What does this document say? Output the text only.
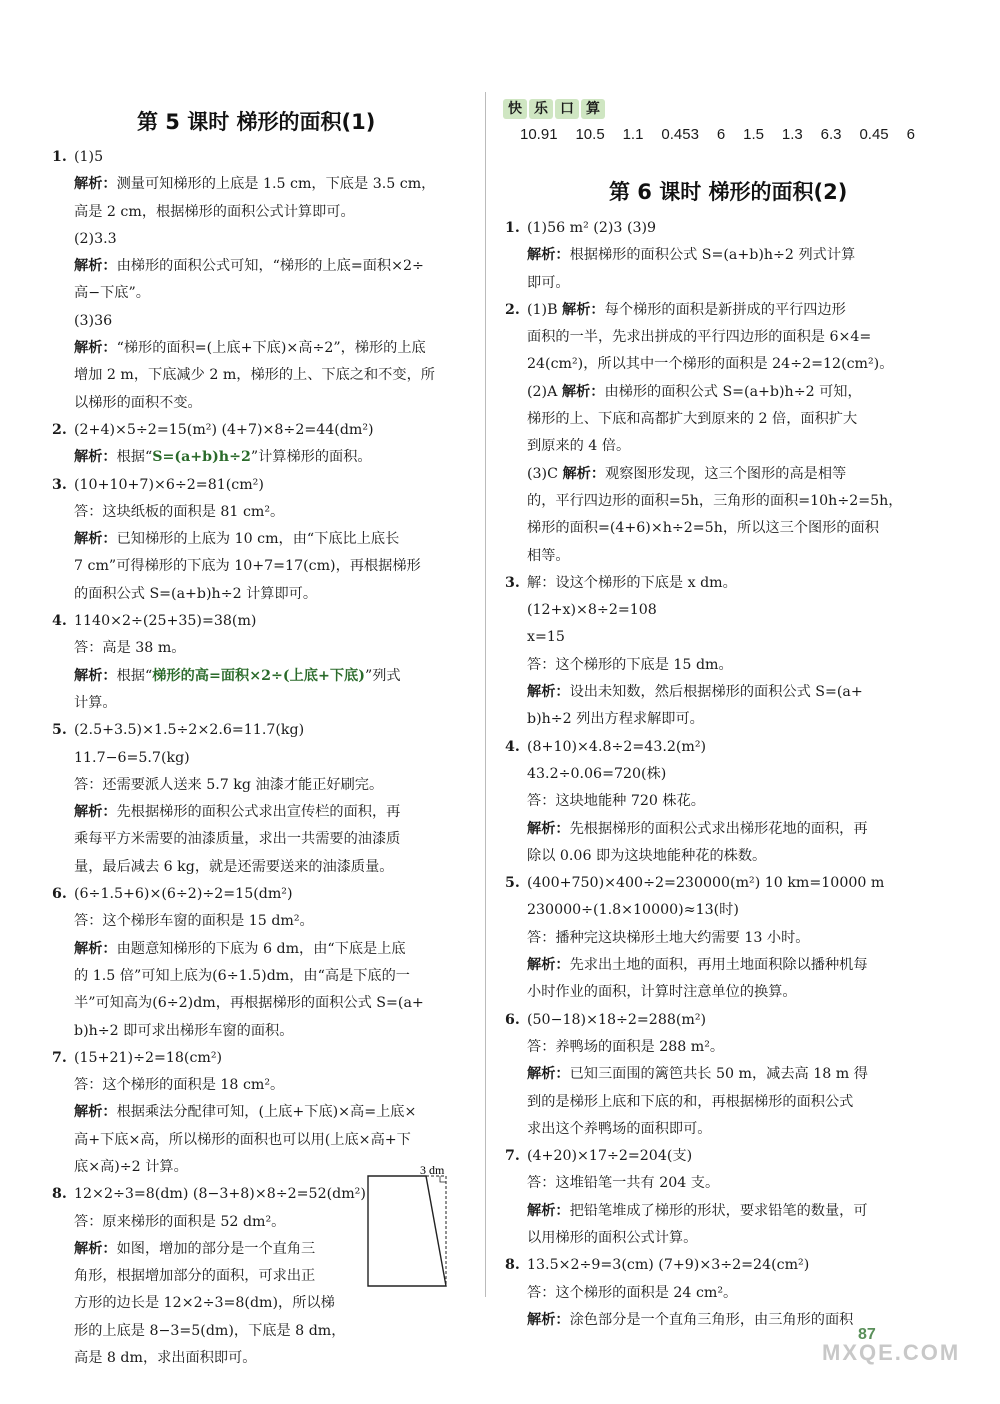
第 5 课时 梯形的面积(1)
1. (1)5
解析：测量可知梯形的上底是 1.5 cm，下底是 3.5 cm，
高是 2 cm，根据梯形的面积公式计算即可。
(2)3.3
解析：由梯形的面积公式可知，“梯形的上底=面积×2÷
高−下底”。
(3)36
解析：“梯形的面积=(上底+下底)×高÷2”，梯形的上底
增加 2 m，下底减少 2 m，梯形的上、下底之和不变，所
以梯形的面积不变。
2. (2+4)×5÷2=15(m²) (4+7)×8÷2=44(dm²)
解析：根据“S=(a+b)h÷2”计算梯形的面积。
3. (10+10+7)×6÷2=81(cm²)
答：这块纸板的面积是 81 cm²。
解析：已知梯形的上底为 10 cm，由“下底比上底长
7 cm”可得梯形的下底为 10+7=17(cm)，再根据梯形
的面积公式 S=(a+b)h÷2 计算即可。
4. 1140×2÷(25+35)=38(m)
答：高是 38 m。
解析：根据“梯形的高=面积×2÷(上底+下底)”列式
计算。
5. (2.5+3.5)×1.5÷2×2.6=11.7(kg)
11.7−6=5.7(kg)
答：还需要派人送来 5.7 kg 油漆才能正好刷完。
解析：先根据梯形的面积公式求出宣传栏的面积，再
乘每平方米需要的油漆质量，求出一共需要的油漆质
量，最后减去 6 kg，就是还需要送来的油漆质量。
6. (6÷1.5+6)×(6÷2)÷2=15(dm²)
答：这个梯形车窗的面积是 15 dm²。
解析：由题意知梯形的下底为 6 dm，由“下底是上底
的 1.5 倍”可知上底为(6÷1.5)dm，由“高是下底的一
半”可知高为(6÷2)dm，再根据梯形的面积公式 S=(a+
b)h÷2 即可求出梯形车窗的面积。
7. (15+21)÷2=18(cm²)
答：这个梯形的面积是 18 cm²。
解析：根据乘法分配律可知，(上底+下底)×高=上底×
高+下底×高，所以梯形的面积也可以用(上底×高+下
底×高)÷2 计算。
8. 12×2÷3=8(dm) (8−3+8)×8÷2=52(dm²)
答：原来梯形的面积是 52 dm²。
解析：如图，增加的部分是一个直角三
角形，根据增加部分的面积，可求出正
方形的边长是 12×2÷3=8(dm)，所以梯
形的上底是 8−3=5(dm)，下底是 8 dm，
高是 8 dm，求出面积即可。
3 dm
快 乐 口 算
10.91 10.5 1.1 0.453 6 1.5 1.3 6.3 0.45 6
第 6 课时 梯形的面积(2)
1. (1)56 m² (2)3 (3)9
解析：根据梯形的面积公式 S=(a+b)h÷2 列式计算
即可。
2. (1)B 解析：每个梯形的面积是新拼成的平行四边形
面积的一半，先求出拼成的平行四边形的面积是 6×4=
24(cm²)，所以其中一个梯形的面积是 24÷2=12(cm²)。
(2)A 解析：由梯形的面积公式 S=(a+b)h÷2 可知，
梯形的上、下底和高都扩大到原来的 2 倍，面积扩大
到原来的 4 倍。
(3)C 解析：观察图形发现，这三个图形的高是相等
的，平行四边形的面积=5h，三角形的面积=10h÷2=5h，
梯形的面积=(4+6)×h÷2=5h，所以这三个图形的面积
相等。
3. 解：设这个梯形的下底是 x dm。
(12+x)×8÷2=108
x=15
答：这个梯形的下底是 15 dm。
解析：设出未知数，然后根据梯形的面积公式 S=(a+
b)h÷2 列出方程求解即可。
4. (8+10)×4.8÷2=43.2(m²)
43.2÷0.06=720(株)
答：这块地能种 720 株花。
解析：先根据梯形的面积公式求出梯形花地的面积，再
除以 0.06 即为这块地能种花的株数。
5. (400+750)×400÷2=230000(m²) 10 km=10000 m
230000÷(1.8×10000)≈13(时)
答：播种完这块梯形土地大约需要 13 小时。
解析：先求出土地的面积，再用土地面积除以播种机每
小时作业的面积，计算时注意单位的换算。
6. (50−18)×18÷2=288(m²)
答：养鸭场的面积是 288 m²。
解析：已知三面围的篱笆共长 50 m，减去高 18 m 得
到的是梯形上底和下底的和，再根据梯形的面积公式
求出这个养鸭场的面积即可。
7. (4+20)×17÷2=204(支)
答：这堆铅笔一共有 204 支。
解析：把铅笔堆成了梯形的形状，要求铅笔的数量，可
以用梯形的面积公式计算。
8. 13.5×2÷9=3(cm) (7+9)×3÷2=24(cm²)
答：这个梯形的面积是 24 cm²。
解析：涂色部分是一个直角三角形，由三角形的面积
87
MXQE.COM
